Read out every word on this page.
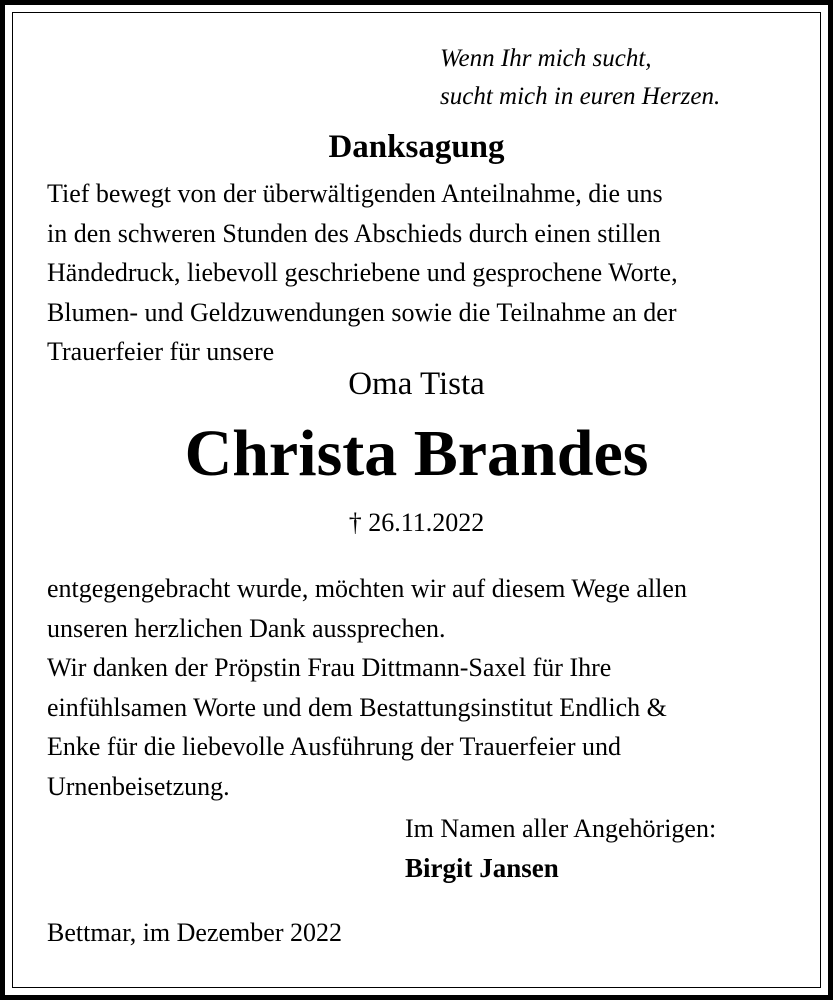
Wenn Ihr mich sucht,
sucht mich in euren Herzen.
Danksagung
Tief bewegt von der überwältigenden Anteilnahme, die uns
in den schweren Stunden des Abschieds durch einen stillen
Händedruck, liebevoll geschriebene und gesprochene Worte,
Blumen- und Geldzuwendungen sowie die Teilnahme an der
Trauerfeier für unsere
Oma Tista
Christa Brandes
† 26.11.2022
entgegengebracht wurde, möchten wir auf diesem Wege allen
unseren herzlichen Dank aussprechen.
Wir danken der Pröpstin Frau Dittmann-Saxel für Ihre
einfühlsamen Worte und dem Bestattungsinstitut Endlich &
Enke für die liebevolle Ausführung der Trauerfeier und
Urnenbeisetzung.
Im Namen aller Angehörigen:
Birgit Jansen
Bettmar, im Dezember 2022
